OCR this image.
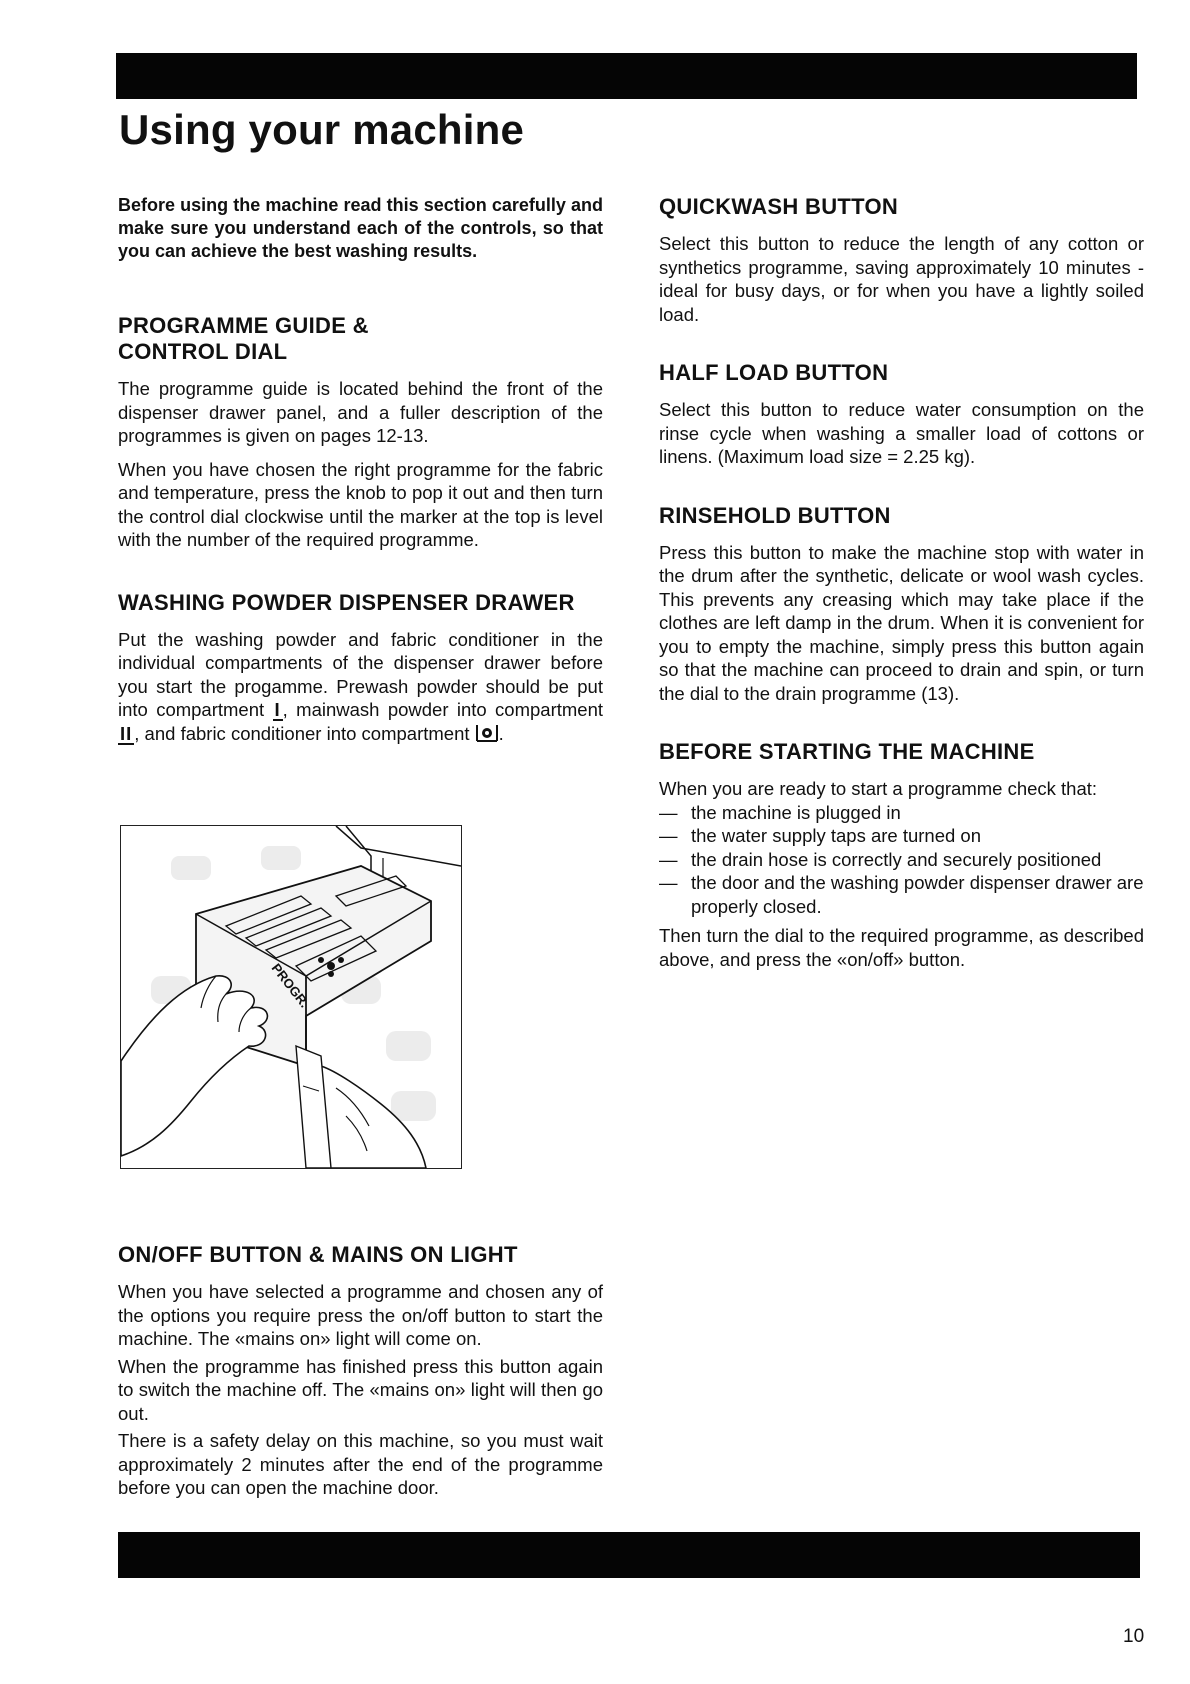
Using your machine

Before using the machine read this section carefully and make sure you understand each of the controls, so that you can achieve the best washing results.

PROGRAMME GUIDE &
CONTROL DIAL

The programme guide is located behind the front of the dispenser drawer panel, and a fuller description of the programmes is given on pages 12-13.

When you have chosen the right programme for the fabric and temperature, press the knob to pop it out and then turn the control dial clockwise until the marker at the top is level with the number of the required programme.

WASHING POWDER DISPENSER DRAWER

Put the washing powder and fabric conditioner in the individual compartments of the dispenser drawer before you start the progamme. Prewash powder should be put into compartment I , mainwash powder into compartment II , and fabric conditioner into compartment .

PROGR.
ON/OFF BUTTON & MAINS ON LIGHT

When you have selected a programme and chosen any of the options you require press the on/off button to start the machine. The «mains on» light will come on.

When the programme has finished press this button again to switch the machine off. The «mains on» light will then go out.

There is a safety delay on this machine, so you must wait approximately 2 minutes after the end of the programme before you can open the machine door.

QUICKWASH BUTTON

Select this button to reduce the length of any cotton or synthetics programme, saving approximately 10 minutes - ideal for busy days, or for when you have a lightly soiled load.

HALF LOAD BUTTON

Select this button to reduce water consumption on the rinse cycle when washing a smaller load of cottons or linens. (Maximum load size = 2.25 kg).

RINSEHOLD BUTTON

Press this button to make the machine stop with water in the drum after the synthetic, delicate or wool wash cycles. This prevents any creasing which may take place if the clothes are left damp in the drum. When it is convenient for you to empty the machine, simply press this button again so that the machine can proceed to drain and spin, or turn the dial to the drain programme (13).

BEFORE STARTING THE MACHINE

When you are ready to start a programme check that:

— the machine is plugged in
— the water supply taps are turned on
— the drain hose is correctly and securely positioned
— the door and the washing powder dispenser drawer are properly closed.

Then turn the dial to the required programme, as described above, and press the «on/off» button.

10
